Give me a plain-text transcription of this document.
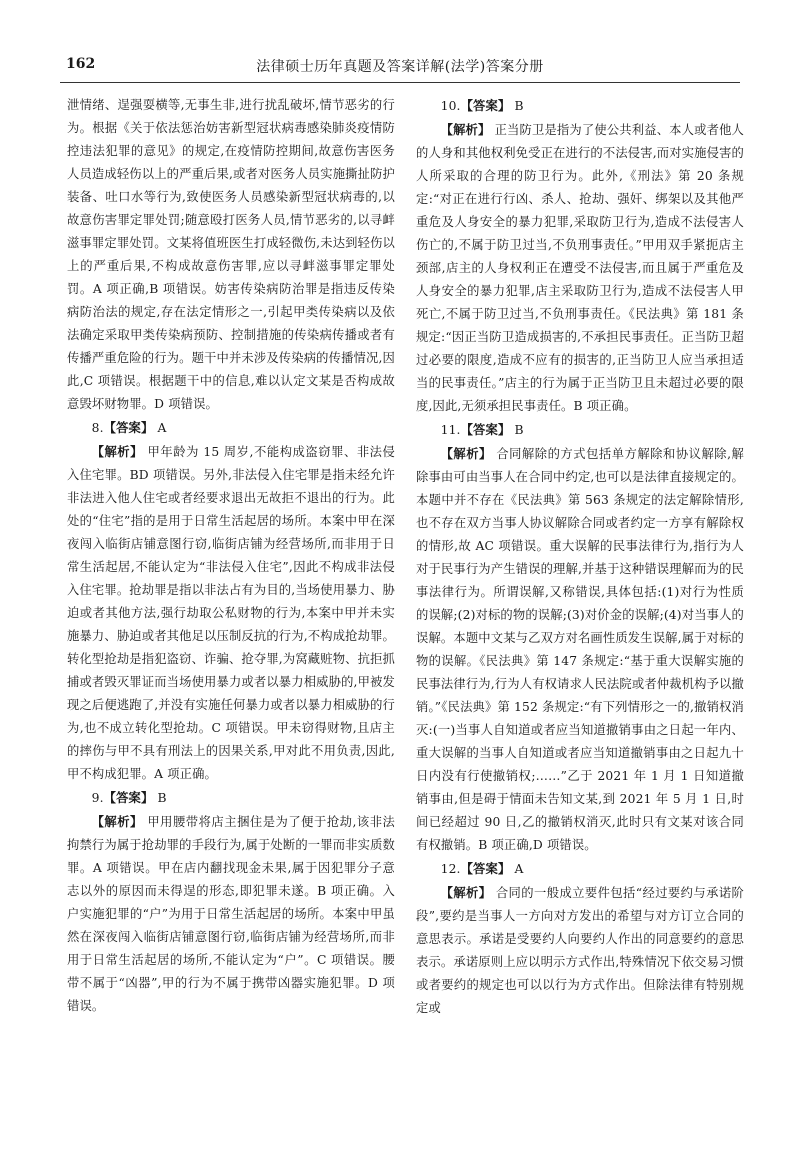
162	法律硕士历年真题及答案详解(法学)答案分册

泄情绪、逞强耍横等,无事生非,进行扰乱破坏,情节恶劣的行为。根据《关于依法惩治妨害新型冠状病毒感染肺炎疫情防控违法犯罪的意见》的规定,在疫情防控期间,故意伤害医务人员造成轻伤以上的严重后果,或者对医务人员实施撕扯防护装备、吐口水等行为,致使医务人员感染新型冠状病毒的,以故意伤害罪定罪处罚;随意殴打医务人员,情节恶劣的,以寻衅滋事罪定罪处罚。文某将值班医生打成轻微伤,未达到轻伤以上的严重后果,不构成故意伤害罪,应以寻衅滋事罪定罪处罚。A 项正确,B 项错误。妨害传染病防治罪是指违反传染病防治法的规定,存在法定情形之一,引起甲类传染病以及依法确定采取甲类传染病预防、控制措施的传染病传播或者有传播严重危险的行为。题干中并未涉及传染病的传播情况,因此,C 项错误。根据题干中的信息,难以认定文某是否构成故意毁坏财物罪。D 项错误。

8.【答案】 A

【解析】 甲年龄为 15 周岁,不能构成盗窃罪、非法侵入住宅罪。BD 项错误。另外,非法侵入住宅罪是指未经允许非法进入他人住宅或者经要求退出无故拒不退出的行为。此处的“住宅”指的是用于日常生活起居的场所。本案中甲在深夜闯入临街店铺意图行窃,临街店铺为经营场所,而非用于日常生活起居,不能认定为“非法侵入住宅”,因此不构成非法侵入住宅罪。抢劫罪是指以非法占有为目的,当场使用暴力、胁迫或者其他方法,强行劫取公私财物的行为,本案中甲并未实施暴力、胁迫或者其他足以压制反抗的行为,不构成抢劫罪。转化型抢劫是指犯盗窃、诈骗、抢夺罪,为窝藏赃物、抗拒抓捕或者毁灭罪证而当场使用暴力或者以暴力相威胁的,甲被发现之后便逃跑了,并没有实施任何暴力或者以暴力相威胁的行为,也不成立转化型抢劫。C 项错误。甲未窃得财物,且店主的摔伤与甲不具有刑法上的因果关系,甲对此不用负责,因此,甲不构成犯罪。A 项正确。

9.【答案】 B

【解析】 甲用腰带将店主捆住是为了便于抢劫,该非法拘禁行为属于抢劫罪的手段行为,属于处断的一罪而非实质数罪。A 项错误。甲在店内翻找现金未果,属于因犯罪分子意志以外的原因而未得逞的形态,即犯罪未遂。B 项正确。入户实施犯罪的“户”为用于日常生活起居的场所。本案中甲虽然在深夜闯入临街店铺意图行窃,临街店铺为经营场所,而非用于日常生活起居的场所,不能认定为“户”。C 项错误。腰带不属于“凶器”,甲的行为不属于携带凶器实施犯罪。D 项错误。

10.【答案】 B

【解析】 正当防卫是指为了使公共利益、本人或者他人的人身和其他权利免受正在进行的不法侵害,而对实施侵害的人所采取的合理的防卫行为。此外,《刑法》第 20 条规定:“对正在进行行凶、杀人、抢劫、强奸、绑架以及其他严重危及人身安全的暴力犯罪,采取防卫行为,造成不法侵害人伤亡的,不属于防卫过当,不负刑事责任。”甲用双手紧扼店主颈部,店主的人身权利正在遭受不法侵害,而且属于严重危及人身安全的暴力犯罪,店主采取防卫行为,造成不法侵害人甲死亡,不属于防卫过当,不负刑事责任。《民法典》第 181 条规定:“因正当防卫造成损害的,不承担民事责任。正当防卫超过必要的限度,造成不应有的损害的,正当防卫人应当承担适当的民事责任。”店主的行为属于正当防卫且未超过必要的限度,因此,无须承担民事责任。B 项正确。

11.【答案】 B

【解析】 合同解除的方式包括单方解除和协议解除,解除事由可由当事人在合同中约定,也可以是法律直接规定的。本题中并不存在《民法典》第 563 条规定的法定解除情形,也不存在双方当事人协议解除合同或者约定一方享有解除权的情形,故 AC 项错误。重大误解的民事法律行为,指行为人对于民事行为产生错误的理解,并基于这种错误理解而为的民事法律行为。所谓误解,又称错误,具体包括:(1)对行为性质的误解;(2)对标的物的误解;(3)对价金的误解;(4)对当事人的误解。本题中文某与乙双方对名画性质发生误解,属于对标的物的误解。《民法典》第 147 条规定:“基于重大误解实施的民事法律行为,行为人有权请求人民法院或者仲裁机构予以撤销。”《民法典》第 152 条规定:“有下列情形之一的,撤销权消灭:(一)当事人自知道或者应当知道撤销事由之日起一年内、重大误解的当事人自知道或者应当知道撤销事由之日起九十日内没有行使撤销权;……”乙于 2021 年 1 月 1 日知道撤销事由,但是碍于情面未告知文某,到 2021 年 5 月 1 日,时间已经超过 90 日,乙的撤销权消灭,此时只有文某对该合同有权撤销。B 项正确,D 项错误。

12.【答案】 A

【解析】 合同的一般成立要件包括“经过要约与承诺阶段”,要约是当事人一方向对方发出的希望与对方订立合同的意思表示。承诺是受要约人向要约人作出的同意要约的意思表示。承诺原则上应以明示方式作出,特殊情况下依交易习惯或者要约的规定也可以以行为方式作出。但除法律有特别规定或
